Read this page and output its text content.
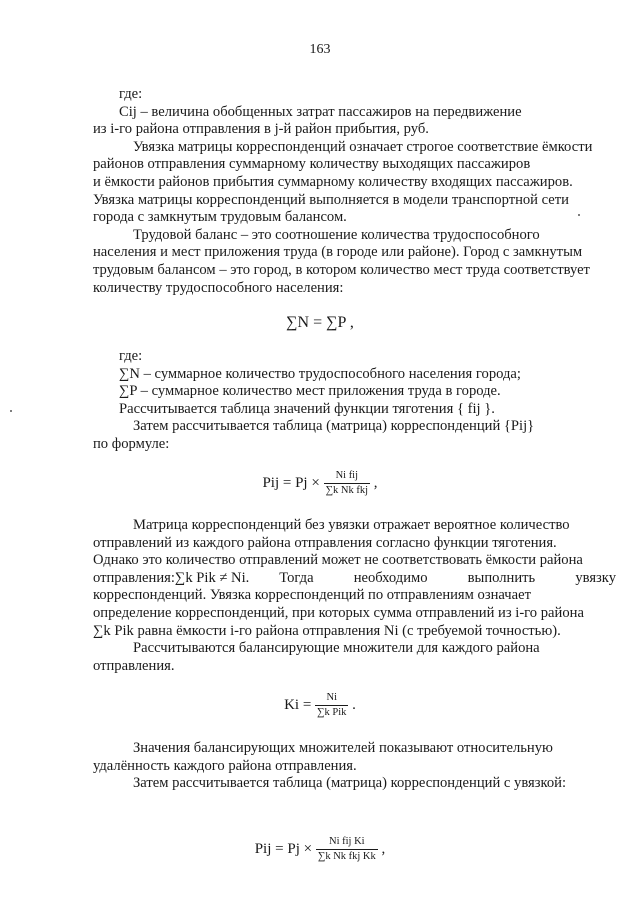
163

где:

Cij – величина обобщенных затрат пассажиров на передвижение

из i-го района отправления в j-й район прибытия, руб.

Увязка матрицы корреспонденций означает строгое соответствие ёмкости

районов отправления суммарному количеству выходящих пассажиров

и ёмкости районов прибытия суммарному количеству входящих пассажиров.

Увязка матрицы корреспонденций выполняется в модели транспортной сети

города с замкнутым трудовым балансом.

Трудовой баланс – это соотношение количества трудоспособного

населения и мест приложения труда (в городе или районе). Город с замкнутым

трудовым балансом – это город, в котором количество мест труда соответствует

количеству трудоспособного населения:

∑N = ∑P ,

где:

∑N – суммарное количество трудоспособного населения города;

∑P – суммарное количество мест приложения труда в городе.

Рассчитывается таблица значений функции тяготения { fij }.

Затем рассчитывается таблица (матрица) корреспонденций {Pij}

по формуле:

Pij = $Pj \times \frac{\text{Ni fij}}{\text{∑k Nk fkj}}$ ,

Матрица корреспонденций без увязки отражает вероятное количество

отправлений из каждого района отправления согласно функции тяготения.

Однако это количество отправлений может не соответствовать ёмкости района

отправления: ∑k Pik ≠ Ni. Тогда необходимо выполнить увязку

корреспонденций. Увязка корреспонденций по отправлениям означает

определение корреспонденций, при которых сумма отправлений из i-го района

∑k Pik равна ёмкости i-го района отправления Ni (с требуемой точностью).

Рассчитываются балансирующие множители для каждого района

отправления.

$Ki = \frac{Ni}{\text{∑k Pik}}$ .

Значения балансирующих множителей показывают относительную

удалённость каждого района отправления.

Затем рассчитывается таблица (матрица) корреспонденций с увязкой:

Pij = $Pj \times \frac{\text{Ni fij Ki}}{\text{∑k Nk fkj Kk}}$ ,
